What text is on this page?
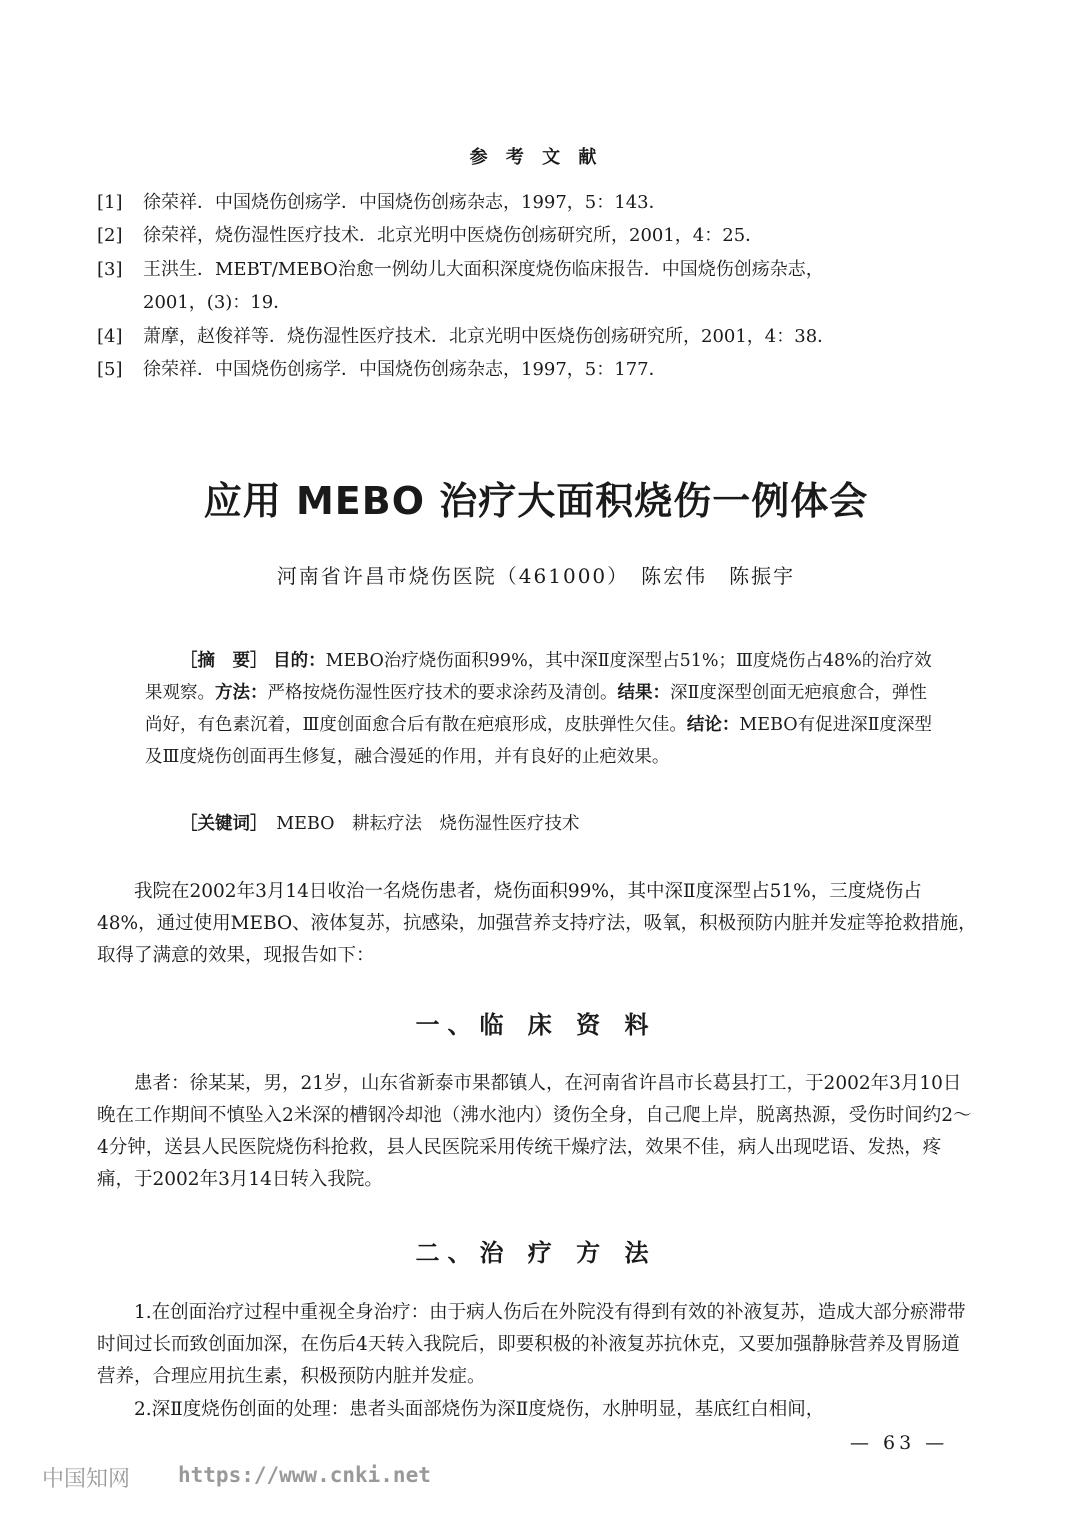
参 考 文 献
[1] 徐荣祥．中国烧伤创疡学．中国烧伤创疡杂志，1997，5：143．
[2] 徐荣祥，烧伤湿性医疗技术．北京光明中医烧伤创疡研究所，2001，4：25．
[3] 王洪生．MEBT/MEBO治愈一例幼儿大面积深度烧伤临床报告．中国烧伤创疡杂志，
2001，(3)：19．
[4] 萧摩，赵俊祥等．烧伤湿性医疗技术．北京光明中医烧伤创疡研究所，2001，4：38．
[5] 徐荣祥．中国烧伤创疡学．中国烧伤创疡杂志，1997，5：177．
应用 MEBO 治疗大面积烧伤一例体会
河南省许昌市烧伤医院（461000）　陈宏伟　陈振宇
［摘　要］ 目的：MEBO治疗烧伤面积99%，其中深Ⅱ度深型占51%；Ⅲ度烧伤占48%的治疗效果观察。方法：严格按烧伤湿性医疗技术的要求涂药及清创。结果：深Ⅱ度深型创面无疤痕愈合，弹性尚好，有色素沉着，Ⅲ度创面愈合后有散在疤痕形成，皮肤弹性欠佳。结论：MEBO有促进深Ⅱ度深型及Ⅲ度烧伤创面再生修复，融合漫延的作用，并有良好的止疤效果。
［关键词］　 MEBO　耕耘疗法　烧伤湿性医疗技术
我院在2002年3月14日收治一名烧伤患者，烧伤面积99%，其中深Ⅱ度深型占51%，三度烧伤占48%，通过使用MEBO、液体复苏，抗感染，加强营养支持疗法，吸氧，积极预防内脏并发症等抢救措施，取得了满意的效果，现报告如下：
一、临 床 资 料
患者：徐某某，男，21岁，山东省新泰市果都镇人，在河南省许昌市长葛县打工，于2002年3月10日晚在工作期间不慎坠入2米深的槽钢冷却池（沸水池内）烫伤全身，自己爬上岸，脱离热源，受伤时间约2～4分钟，送县人民医院烧伤科抢救，县人民医院采用传统干燥疗法，效果不佳，病人出现呓语、发热，疼痛，于2002年3月14日转入我院。
二、治 疗 方 法
1.在创面治疗过程中重视全身治疗：由于病人伤后在外院没有得到有效的补液复苏，造成大部分瘀滞带时间过长而致创面加深，在伤后4天转入我院后，即要积极的补液复苏抗休克，又要加强静脉营养及胃肠道营养，合理应用抗生素，积极预防内脏并发症。
2.深Ⅱ度烧伤创面的处理：患者头面部烧伤为深Ⅱ度烧伤，水肿明显，基底红白相间，
— 63 —
中国知网 https://www.cnki.net
